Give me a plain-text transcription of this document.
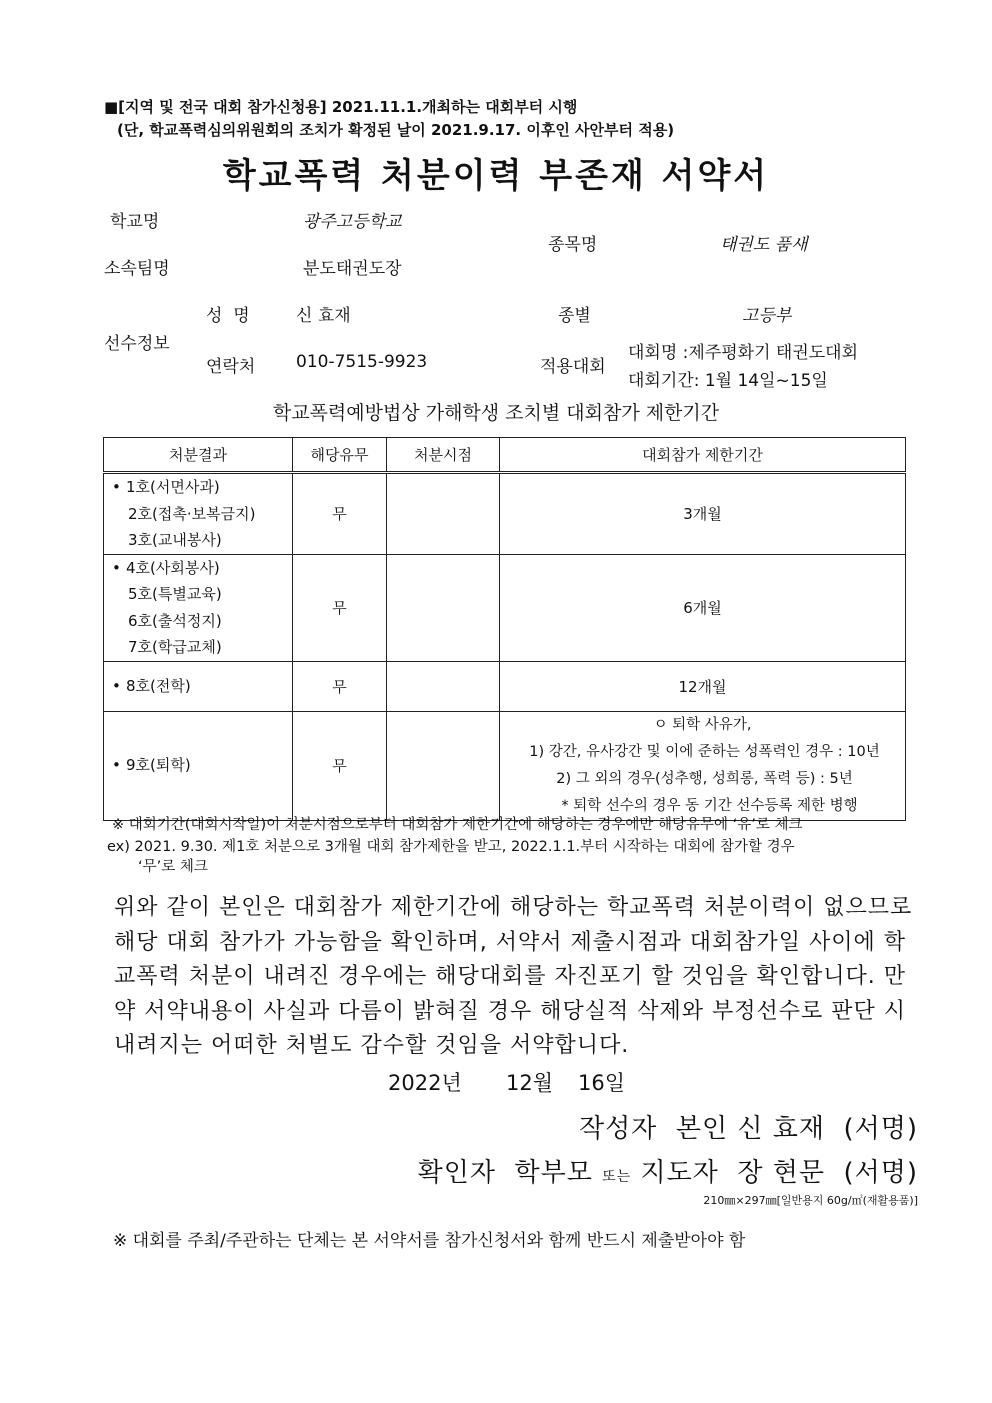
■[지역 및 전국 대회 참가신청용] 2021.11.1.개최하는 대회부터 시행
(단, 학교폭력심의위원회의 조치가 확정된 날이 2021.9.17. 이후인 사안부터 적용)
학교폭력 처분이력 부존재 서약서
학교명	광주고등학교
종목명	태권도 품새
소속팀명	분도태권도장
성  명	신 효재	종별	고등부
선수정보
연락처 010-7515-9923	적용대회
대회명 :제주평화기 태권도대회
대회기간: 1월 14일~15일
학교폭력예방법상 가해학생 조치별 대회참가 제한기간
처분결과	해당유무	처분시점	대회참가 제한기간

• 1호(서면사과)
2호(접촉·보복금지)
3호(교내봉사)	무		3개월

• 4호(사회봉사)
5호(특별교육)
6호(출석정지)
7호(학급교체)	무		6개월

• 8호(전학)	무		12개월

• 9호(퇴학)	무		ㅇ 퇴학 사유가,
1) 강간, 유사강간 및 이에 준하는 성폭력인 경우 : 10년
2) 그 외의 경우(성추행, 성희롱, 폭력 등) : 5년
* 퇴학 선수의 경우 동 기간 선수등록 제한 병행
※ 대회기간(대회시작일)이 처분시점으로부터 대회참가 제한기간에 해당하는 경우에만 해당유무에 ‘유’로 체크
ex) 2021. 9.30. 제1호 처분으로 3개월 대회 참가제한을 받고, 2022.1.1.부터 시작하는 대회에 참가할 경우
‘무’로 체크
위와 같이 본인은 대회참가 제한기간에 해당하는 학교폭력 처분이력이 없으므로 해당 대회 참가가 가능함을 확인하며, 서약서 제출시점과 대회참가일 사이에 학교폭력 처분이 내려진 경우에는 해당대회를 자진포기 할 것임을 확인합니다. 만약 서약내용이 사실과 다름이 밝혀질 경우 해당실적 삭제와 부정선수로 판단 시 내려지는 어떠한 처벌도 감수할 것임을 서약합니다.
2022년 12월 16일
작성자  본인 신 효재  (서명)
확인자  학부모 또는 지도자  장 현문  (서명)
210㎜×297㎜[일반용지 60g/㎡(재활용품)]
※ 대회를 주최/주관하는 단체는 본 서약서를 참가신청서와 함께 반드시 제출받아야 함
